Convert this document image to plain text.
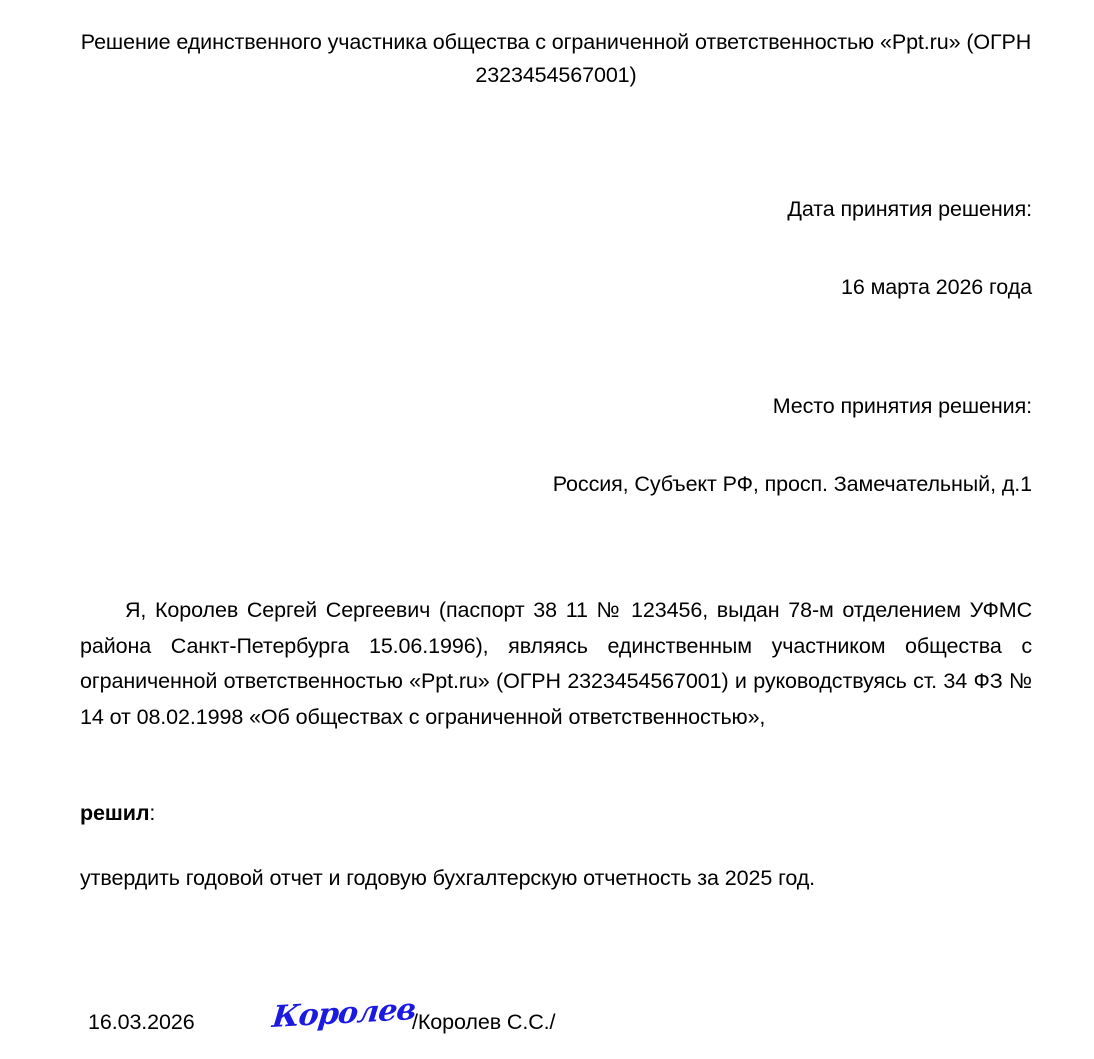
Решение единственного участника общества с ограниченной ответственностью «Ppt.ru» (ОГРН 2323454567001)
Дата принятия решения:
16 марта 2026 года
Место принятия решения:
Россия, Субъект РФ, просп. Замечательный, д.1
Я, Королев Сергей Сергеевич (паспорт 38 11 № 123456, выдан 78-м отделением УФМС района Санкт-Петербурга 15.06.1996), являясь единственным участником общества с ограниченной ответственностью «Ppt.ru» (ОГРН 2323454567001) и руководствуясь ст. 34 ФЗ № 14 от 08.02.1998 «Об обществах с ограниченной ответственностью»,
решил:
утвердить годовой отчет и годовую бухгалтерскую отчетность за 2025 год.
16.03.2026	Королев
/Королев С.С./
